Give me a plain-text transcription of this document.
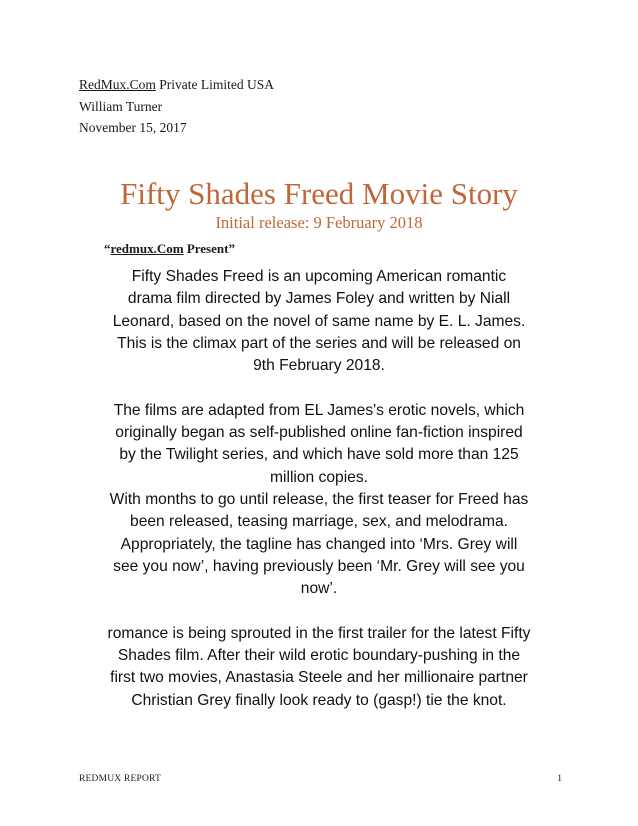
RedMux.Com Private Limited USA
William Turner
November 15, 2017
Fifty Shades Freed Movie Story
Initial release: 9 February 2018
“redmux.Com Present”
Fifty Shades Freed is an upcoming American romantic
drama film directed by James Foley and written by Niall
Leonard, based on the novel of same name by E. L. James.
This is the climax part of the series and will be released on
9th February 2018.
The films are adapted from EL James's erotic novels, which
originally began as self-published online fan-fiction inspired
by the Twilight series, and which have sold more than 125
million copies.
With months to go until release, the first teaser for Freed has
been released, teasing marriage, sex, and melodrama.
Appropriately, the tagline has changed into ‘Mrs. Grey will
see you now’, having previously been ‘Mr. Grey will see you
now’.
romance is being sprouted in the first trailer for the latest Fifty
Shades film. After their wild erotic boundary-pushing in the
first two movies, Anastasia Steele and her millionaire partner
Christian Grey finally look ready to (gasp!) tie the knot.
REDMUX REPORT	1
